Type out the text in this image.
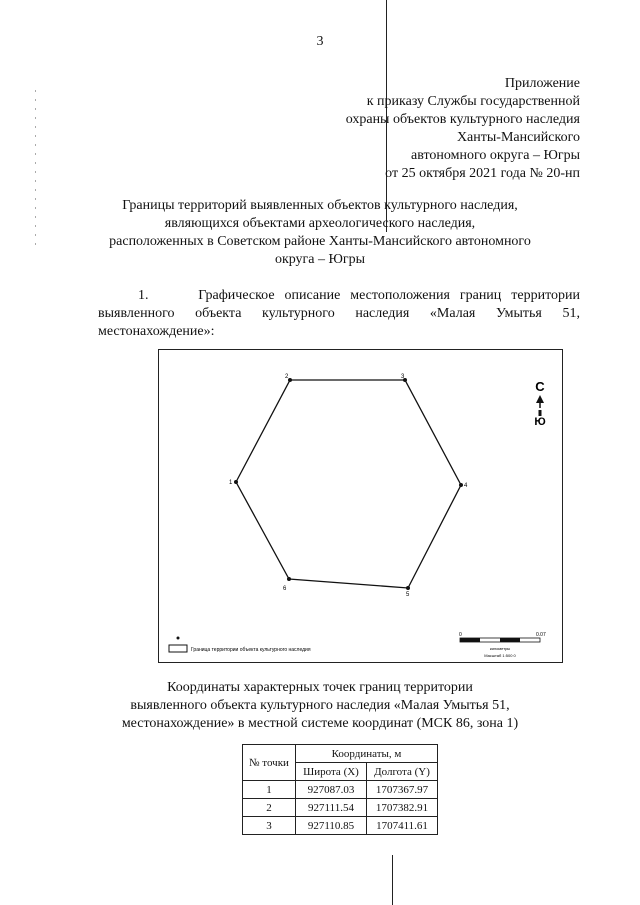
3
Приложение
к приказу Службы государственной
охраны объектов культурного наследия
Ханты-Мансийского
автономного округа – Югры
от 25 октября 2021 года № 20-нп
Границы территорий выявленных объектов культурного наследия,
являющихся объектами археологического наследия,
расположенных в Советском районе Ханты-Мансийского автономного
округа – Югры
1.     Графическое описание местоположения границ территории выявленного объекта культурного наследия «Малая Умытья 51, местонахождение»:
1
2	3
4
5
6
С
Ю
Граница территории объекта культурного наследия
0	0.07
километры
Масштаб 1:500 0
Координаты характерных точек границ территории
выявленного объекта культурного наследия «Малая Умытья 51,
местонахождение» в местной системе координат (МСК 86, зона 1)
№ точки	Координаты, м	
	Широта (X)	Долгота (Y)
1	927087.03	1707367.97
2	927111.54	1707382.91
3	927110.85	1707411.61
